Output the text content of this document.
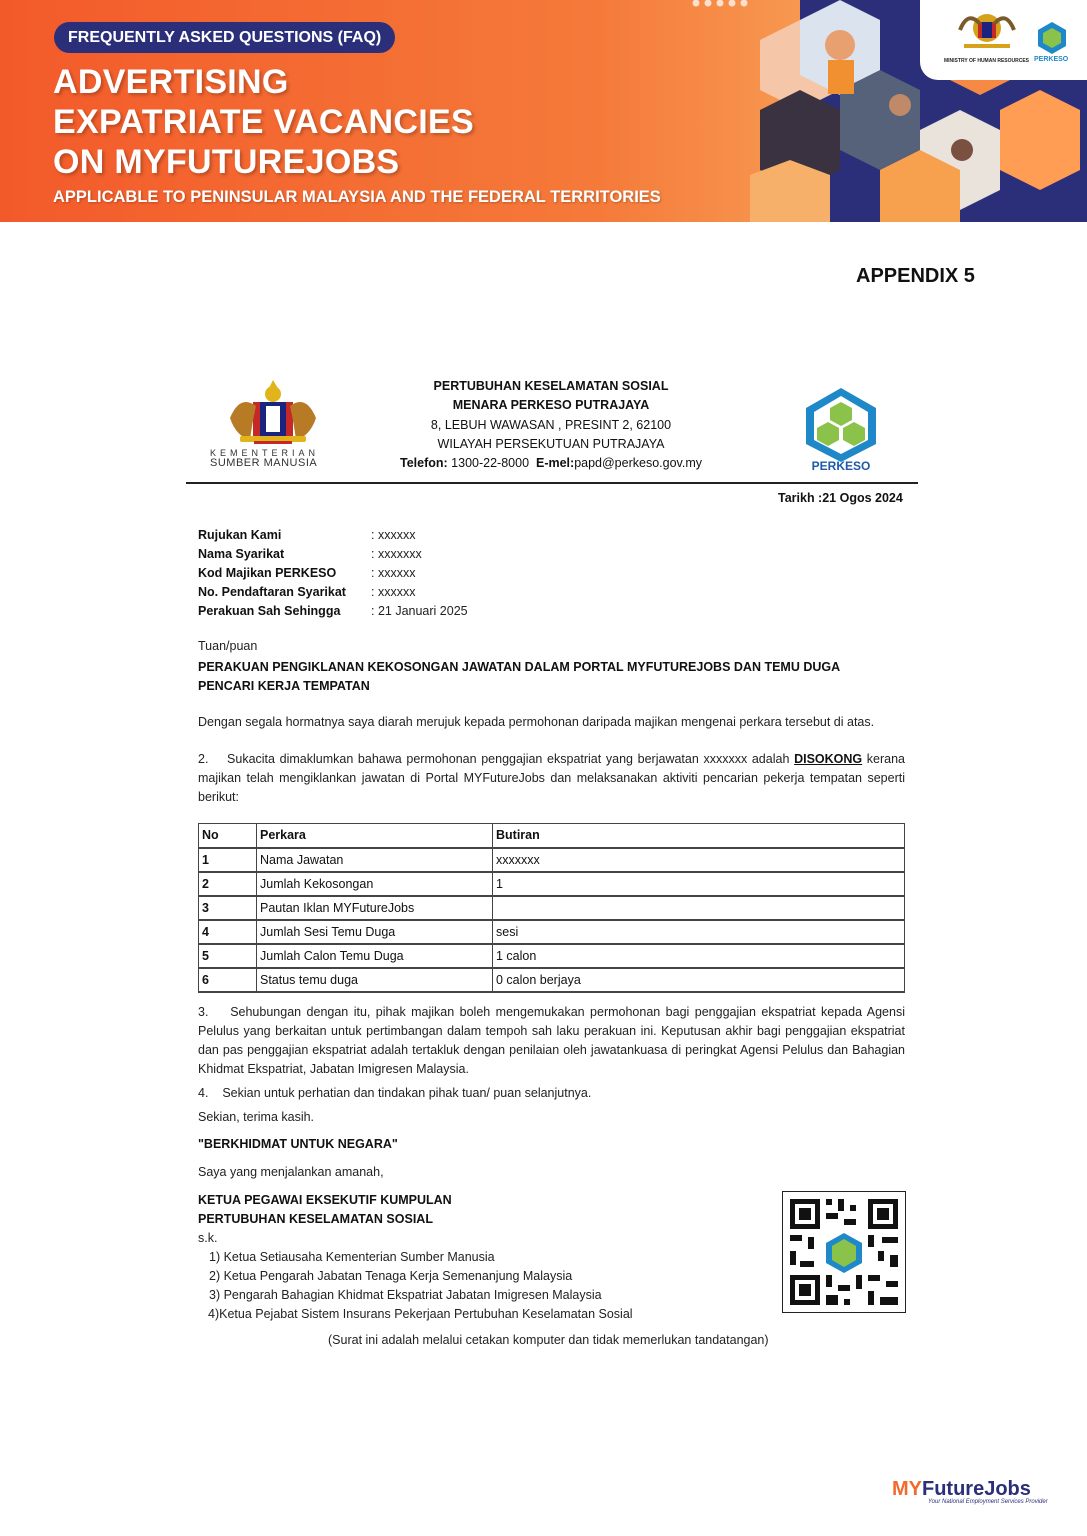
FREQUENTLY ASKED QUESTIONS (FAQ)
ADVERTISING
EXPATRIATE VACANCIES
ON MYFUTUREJOBS
APPLICABLE TO PENINSULAR MALAYSIA AND THE FEDERAL TERRITORIES
MINISTRY OF HUMAN RESOURCES PERKESO
APPENDIX 5
KEMENTERIAN
SUMBER MANUSIA
PERTUBUHAN KESELAMATAN SOSIAL
MENARA PERKESO PUTRAJAYA
8, LEBUH WAWASAN , PRESINT 2, 62100
WILAYAH PERSEKUTUAN PUTRAJAYA
Telefon: 1300-22-8000 E-mel:papd@perkeso.gov.my	PERKESO
Tarikh :21 Ogos 2024
Rujukan Kami	: xxxxxx
Nama Syarikat	: xxxxxxx
Kod Majikan PERKESO	: xxxxxx
No. Pendaftaran Syarikat : xxxxxx
Perakuan Sah Sehingga : 21 Januari 2025
Tuan/puan
PERAKUAN PENGIKLANAN KEKOSONGAN JAWATAN DALAM PORTAL MYFUTUREJOBS DAN TEMU DUGA
PENCARI KERJA TEMPATAN
Dengan segala hormatnya saya diarah merujuk kepada permohonan daripada majikan mengenai perkara tersebut di atas.
2.    Sukacita dimaklumkan bahawa permohonan penggajian ekspatriat yang berjawatan xxxxxxx adalah DISOKONG kerana majikan telah mengiklankan jawatan di Portal MYFutureJobs dan melaksanakan aktiviti pencarian pekerja tempatan seperti berikut:
No	Perkara	Butiran
1	Nama Jawatan	xxxxxxx
2	Jumlah Kekosongan	1
3	Pautan Iklan MYFutureJobs	
4	Jumlah Sesi Temu Duga	sesi
5	Jumlah Calon Temu Duga	1 calon
6	Status temu duga	0 calon berjaya
3.    Sehubungan dengan itu, pihak majikan boleh mengemukakan permohonan bagi penggajian ekspatriat kepada Agensi Pelulus yang berkaitan untuk pertimbangan dalam tempoh sah laku perakuan ini. Keputusan akhir bagi penggajian ekspatriat dan pas penggajian ekspatriat adalah tertakluk dengan penilaian oleh jawatankuasa di peringkat Agensi Pelulus dan Bahagian Khidmat Ekspatriat, Jabatan Imigresen Malaysia.
4.    Sekian untuk perhatian dan tindakan pihak tuan/ puan selanjutnya.
Sekian, terima kasih.
"BERKHIDMAT UNTUK NEGARA"
Saya yang menjalankan amanah,
KETUA PEGAWAI EKSEKUTIF KUMPULAN
PERTUBUHAN KESELAMATAN SOSIAL
s.k.
1) Ketua Setiausaha Kementerian Sumber Manusia
2) Ketua Pengarah Jabatan Tenaga Kerja Semenanjung Malaysia
3) Pengarah Bahagian Khidmat Ekspatriat Jabatan Imigresen Malaysia
4)Ketua Pejabat Sistem Insurans Pekerjaan Pertubuhan Keselamatan Sosial
(Surat ini adalah melalui cetakan komputer dan tidak memerlukan tandatangan)
MYFutureJobs
Your National Employment Services Provider
